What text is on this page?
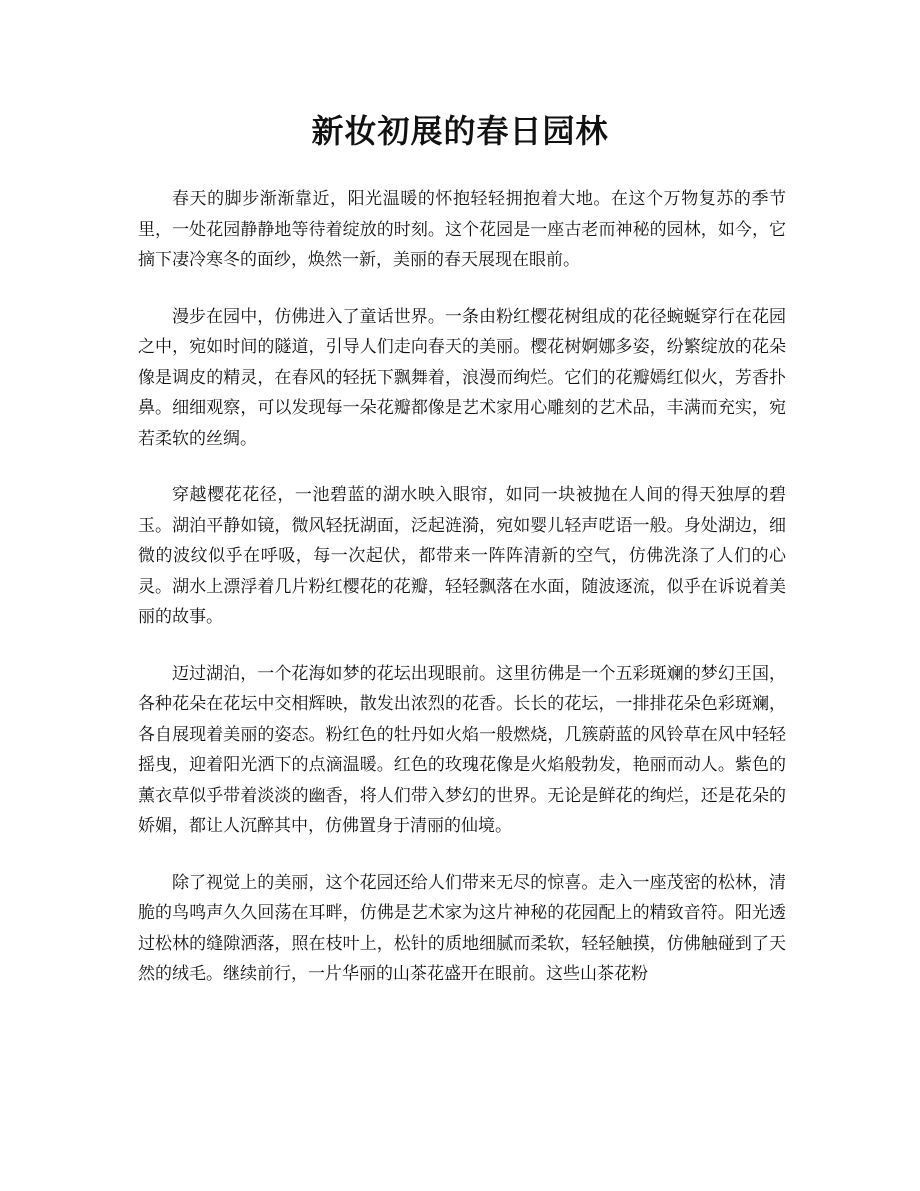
新妆初展的春日园林

春天的脚步渐渐靠近，阳光温暖的怀抱轻轻拥抱着大地。在这个万物复苏的季节里，一处花园静静地等待着绽放的时刻。这个花园是一座古老而神秘的园林，如今，它摘下凄冷寒冬的面纱，焕然一新，美丽的春天展现在眼前。

漫步在园中，仿佛进入了童话世界。一条由粉红樱花树组成的花径蜿蜒穿行在花园之中，宛如时间的隧道，引导人们走向春天的美丽。樱花树婀娜多姿，纷繁绽放的花朵像是调皮的精灵，在春风的轻抚下飘舞着，浪漫而绚烂。它们的花瓣嫣红似火，芳香扑鼻。细细观察，可以发现每一朵花瓣都像是艺术家用心雕刻的艺术品，丰满而充实，宛若柔软的丝绸。

穿越樱花花径，一池碧蓝的湖水映入眼帘，如同一块被抛在人间的得天独厚的碧玉。湖泊平静如镜，微风轻抚湖面，泛起涟漪，宛如婴儿轻声呓语一般。身处湖边，细微的波纹似乎在呼吸，每一次起伏，都带来一阵阵清新的空气，仿佛洗涤了人们的心灵。湖水上漂浮着几片粉红樱花的花瓣，轻轻飘落在水面，随波逐流，似乎在诉说着美丽的故事。

迈过湖泊，一个花海如梦的花坛出现眼前。这里彷佛是一个五彩斑斓的梦幻王国，各种花朵在花坛中交相辉映，散发出浓烈的花香。长长的花坛，一排排花朵色彩斑斓，各自展现着美丽的姿态。粉红色的牡丹如火焰一般燃烧，几簇蔚蓝的风铃草在风中轻轻摇曳，迎着阳光洒下的点滴温暖。红色的玫瑰花像是火焰般勃发，艳丽而动人。紫色的薰衣草似乎带着淡淡的幽香，将人们带入梦幻的世界。无论是鲜花的绚烂，还是花朵的娇媚，都让人沉醉其中，仿佛置身于清丽的仙境。

除了视觉上的美丽，这个花园还给人们带来无尽的惊喜。走入一座茂密的松林，清脆的鸟鸣声久久回荡在耳畔，仿佛是艺术家为这片神秘的花园配上的精致音符。阳光透过松林的缝隙洒落，照在枝叶上，松针的质地细腻而柔软，轻轻触摸，仿佛触碰到了天然的绒毛。继续前行，一片华丽的山茶花盛开在眼前。这些山茶花粉
